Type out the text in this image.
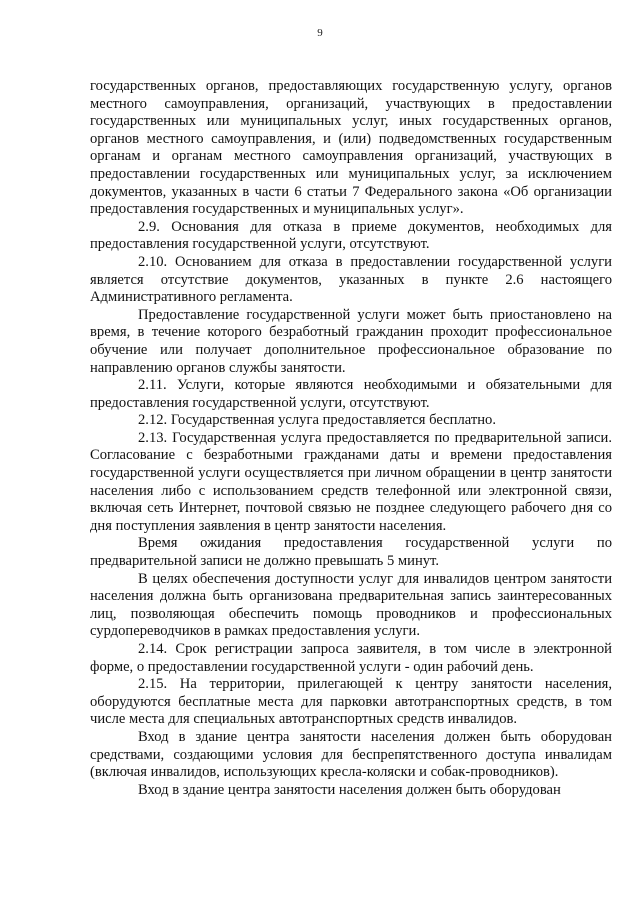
9

государственных органов, предоставляющих государственную услугу, органов местного самоуправления, организаций, участвующих в предоставлении государственных или муниципальных услуг, иных государственных органов, органов местного самоуправления, и (или) подведомственных государственным органам и органам местного самоуправления организаций, участвующих в предоставлении государственных или муниципальных услуг, за исключением документов, указанных в части 6 статьи 7 Федерального закона «Об организации предоставления государственных и муниципальных услуг».

2.9. Основания для отказа в приеме документов, необходимых для предоставления государственной услуги, отсутствуют.

2.10. Основанием для отказа в предоставлении государственной услуги является отсутствие документов, указанных в пункте 2.6 настоящего Административного регламента.

Предоставление государственной услуги может быть приостановлено на время, в течение которого безработный гражданин проходит профессиональное обучение или получает дополнительное профессиональное образование по направлению органов службы занятости.

2.11. Услуги, которые являются необходимыми и обязательными для предоставления государственной услуги, отсутствуют.

2.12. Государственная услуга предоставляется бесплатно.

2.13. Государственная услуга предоставляется по предварительной записи. Согласование с безработными гражданами даты и времени предоставления государственной услуги осуществляется при личном обращении в центр занятости населения либо с использованием средств телефонной или электронной связи, включая сеть Интернет, почтовой связью не позднее следующего рабочего дня со дня поступления заявления в центр занятости населения.

Время ожидания предоставления государственной услуги по предварительной записи не должно превышать 5 минут.

В целях обеспечения доступности услуг для инвалидов центром занятости населения должна быть организована предварительная запись заинтересованных лиц, позволяющая обеспечить помощь проводников и профессиональных сурдопереводчиков в рамках предоставления услуги.

2.14. Срок регистрации запроса заявителя, в том числе в электронной форме, о предоставлении государственной услуги - один рабочий день.

2.15. На территории, прилегающей к центру занятости населения, оборудуются бесплатные места для парковки автотранспортных средств, в том числе места для специальных автотранспортных средств инвалидов.

Вход в здание центра занятости населения должен быть оборудован средствами, создающими условия для беспрепятственного доступа инвалидам (включая инвалидов, использующих кресла-коляски и собак-проводников).

Вход в здание центра занятости населения должен быть оборудован
